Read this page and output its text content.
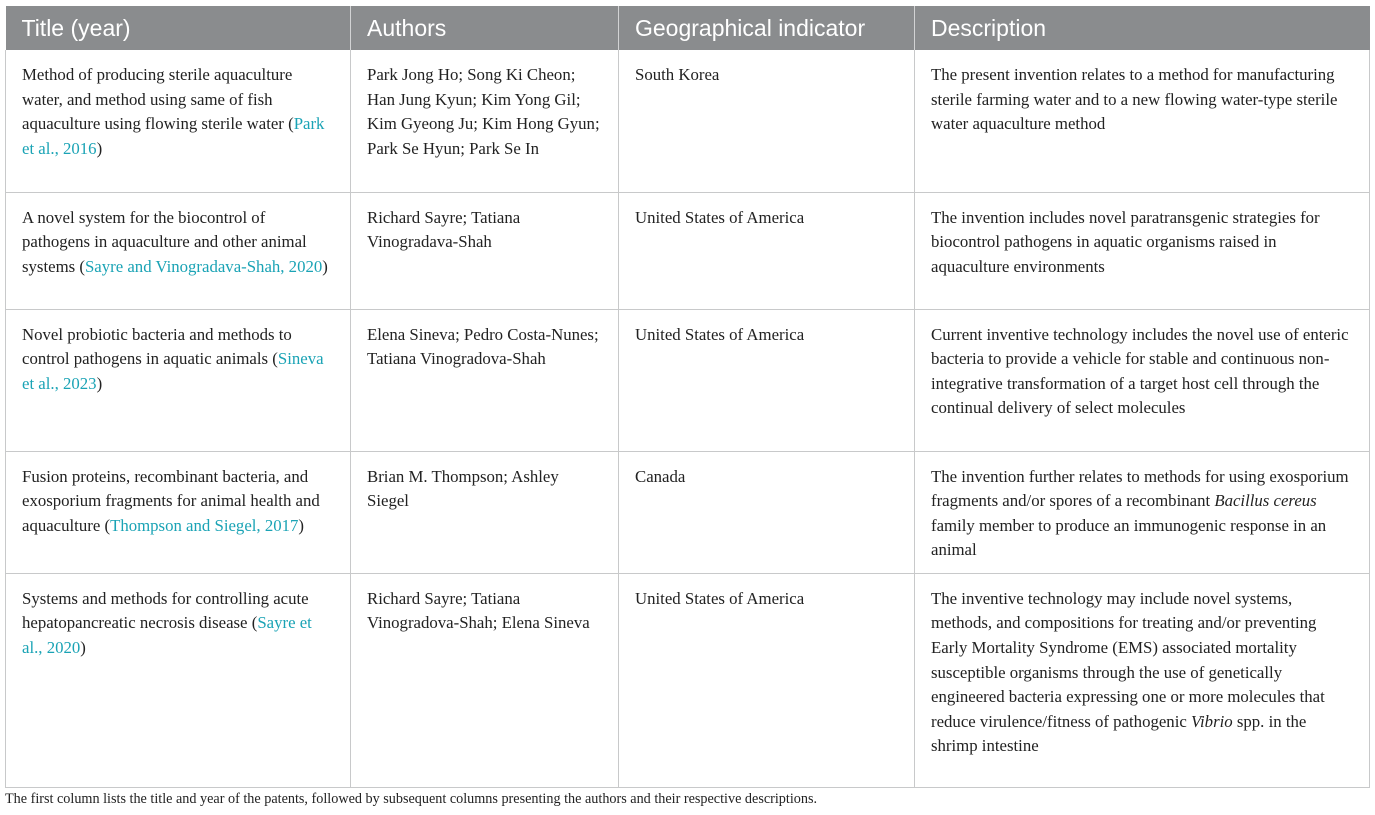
Title (year)	Authors	Geographical indicator	Description
Method of producing sterile aquaculture water, and method using same of fish aquaculture using flowing sterile water (Park et al., 2016)	Park Jong Ho; Song Ki Cheon; Han Jung Kyun; Kim Yong Gil; Kim Gyeong Ju; Kim Hong Gyun; Park Se Hyun; Park Se In	South Korea	The present invention relates to a method for manufacturing sterile farming water and to a new flowing water-type sterile water aquaculture method
A novel system for the biocontrol of pathogens in aquaculture and other animal systems (Sayre and Vinogradava-Shah, 2020)	Richard Sayre; Tatiana Vinogradava-Shah	United States of America	The invention includes novel paratransgenic strategies for biocontrol pathogens in aquatic organisms raised in aquaculture environments
Novel probiotic bacteria and methods to control pathogens in aquatic animals (Sineva et al., 2023)	Elena Sineva; Pedro Costa-Nunes; Tatiana Vinogradova-Shah	United States of America	Current inventive technology includes the novel use of enteric bacteria to provide a vehicle for stable and continuous non-integrative transformation of a target host cell through the continual delivery of select molecules
Fusion proteins, recombinant bacteria, and exosporium fragments for animal health and aquaculture (Thompson and Siegel, 2017)	Brian M. Thompson; Ashley Siegel	Canada	The invention further relates to methods for using exosporium fragments and/or spores of a recombinant Bacillus cereus family member to produce an immunogenic response in an animal
Systems and methods for controlling acute hepatopancreatic necrosis disease (Sayre et al., 2020)	Richard Sayre; Tatiana Vinogradova-Shah; Elena Sineva	United States of America	The inventive technology may include novel systems, methods, and compositions for treating and/or preventing Early Mortality Syndrome (EMS) associated mortality susceptible organisms through the use of genetically engineered bacteria expressing one or more molecules that reduce virulence/fitness of pathogenic Vibrio spp. in the shrimp intestine
The first column lists the title and year of the patents, followed by subsequent columns presenting the authors and their respective descriptions.
